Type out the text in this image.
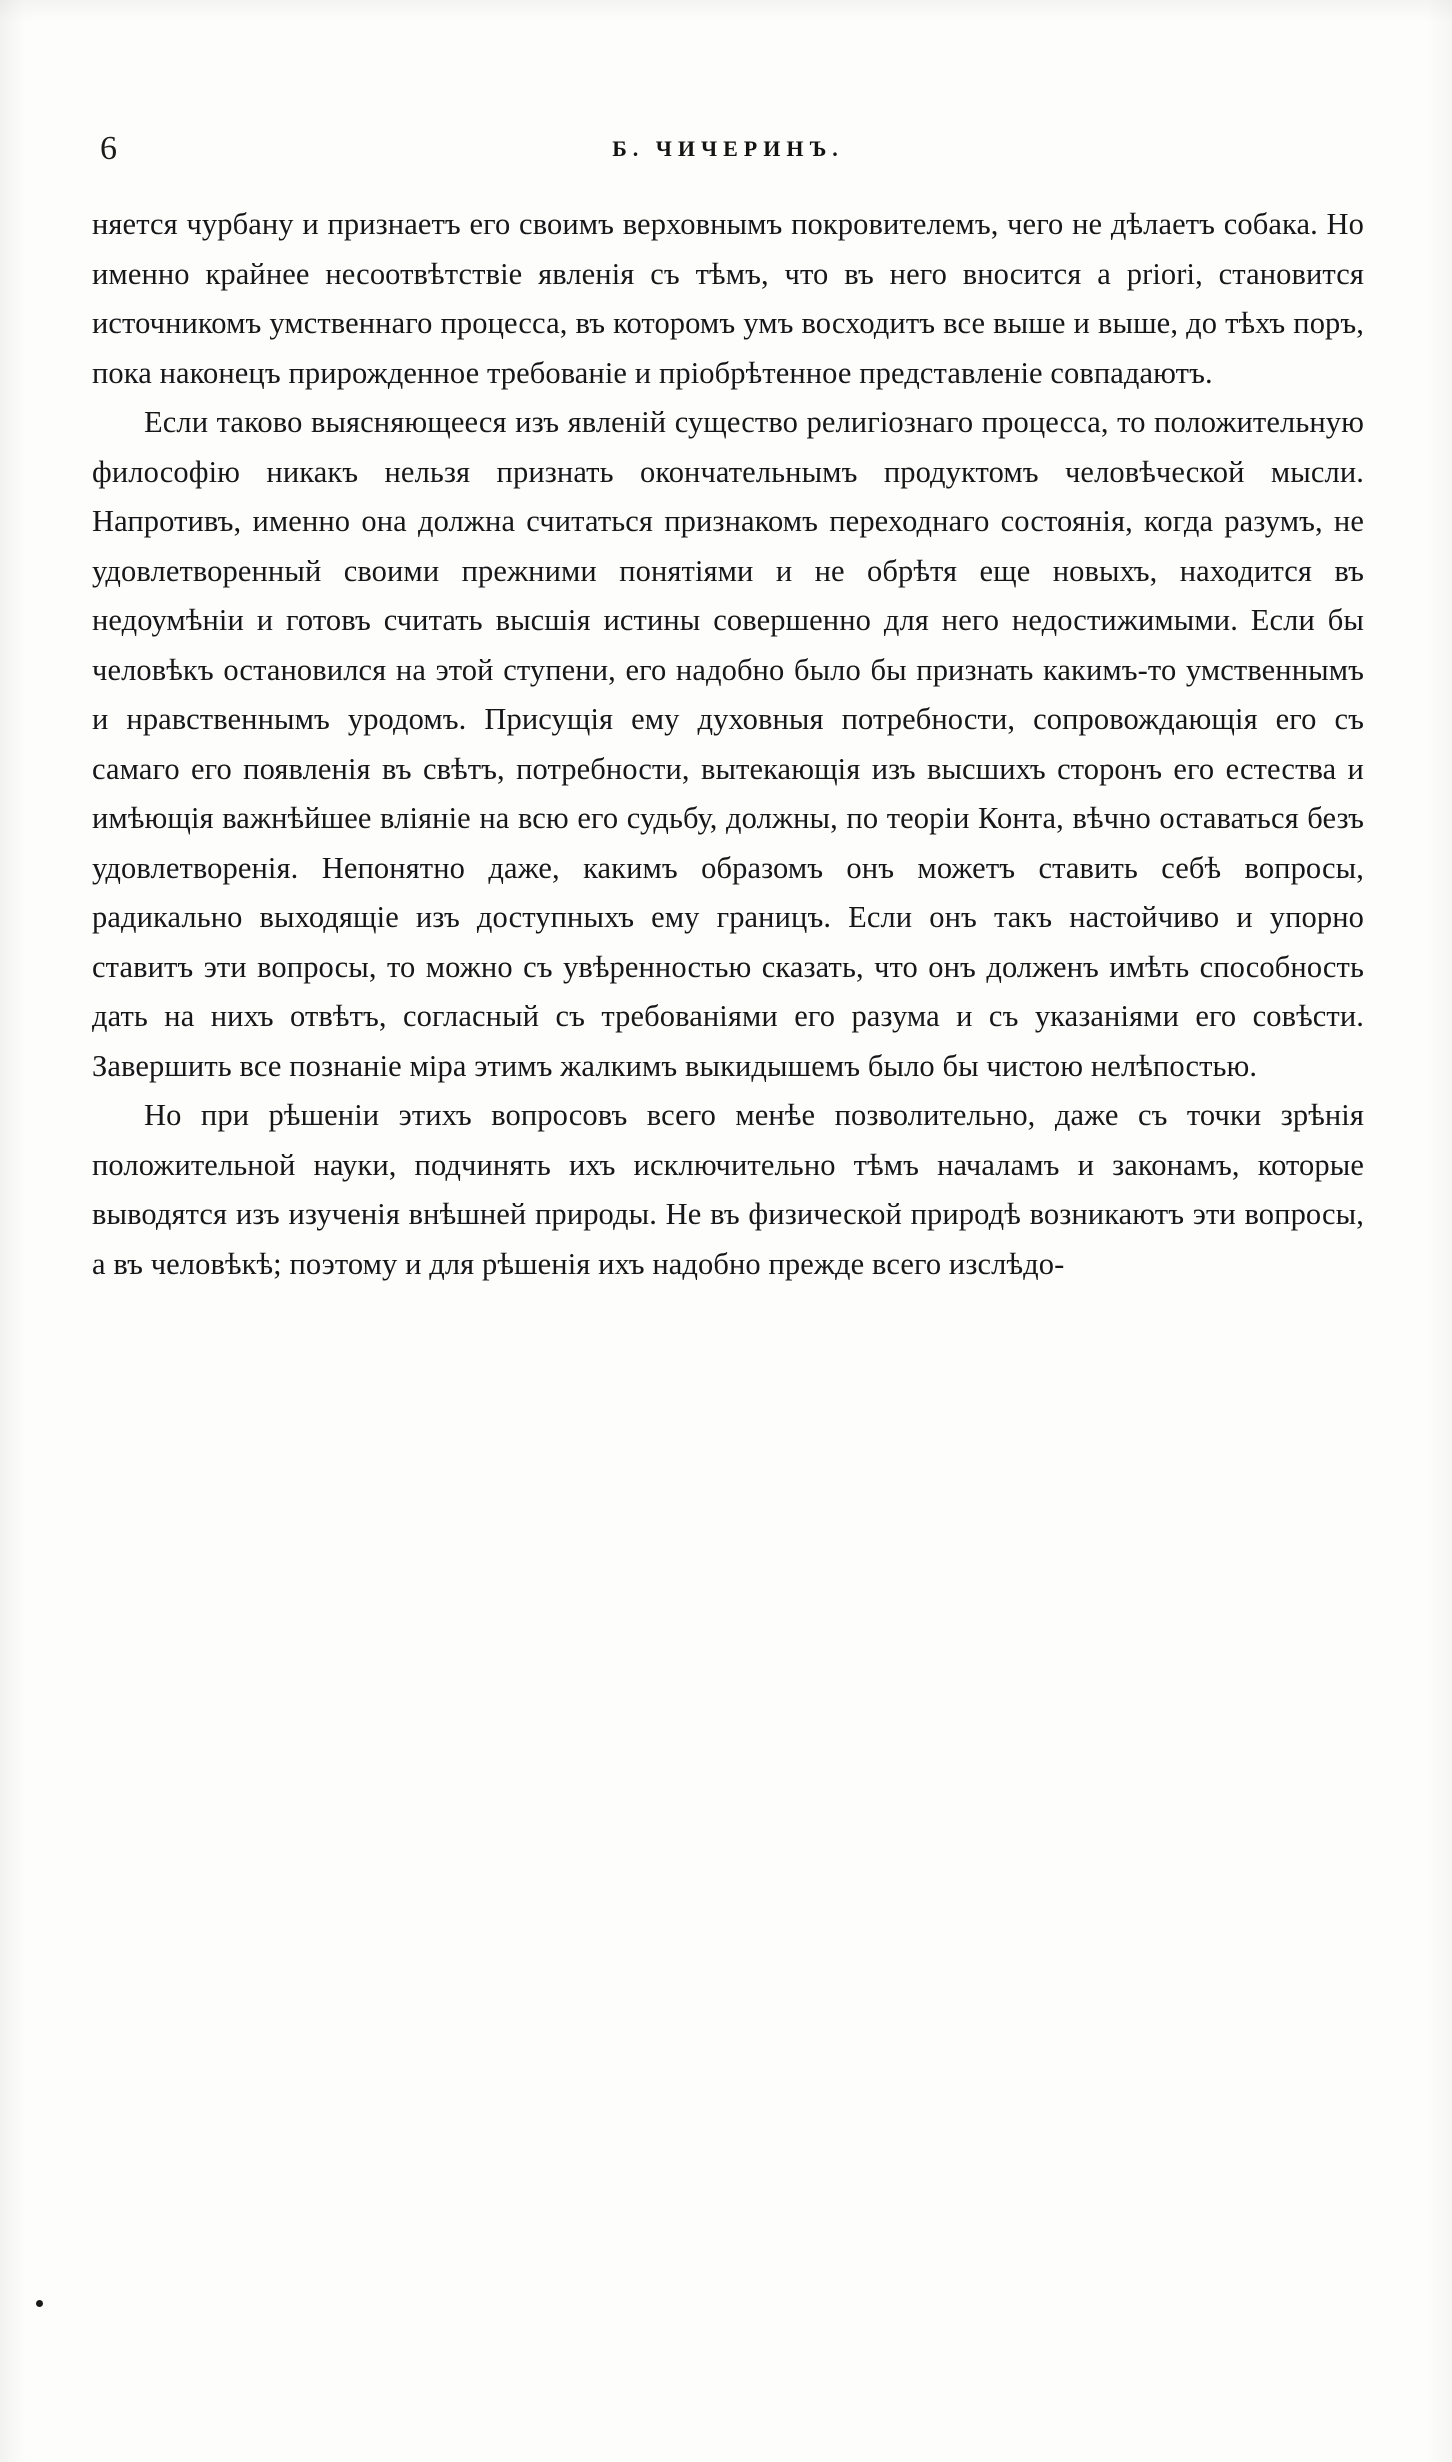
6	Б. ЧИЧЕРИНЪ.

няется чурбану и признаетъ его своимъ верховнымъ покровителемъ, чего не дѣлаетъ собака. Но именно крайнее несоотвѣтствіе явленія съ тѣмъ, что въ него вносится a priori, становится источникомъ умственнаго процесса, въ которомъ умъ восходитъ все выше и выше, до тѣхъ поръ, пока наконецъ прирожденное требованіе и пріобрѣтенное представленіе совпадаютъ.

Если таково выясняющееся изъ явленій существо религіознаго процесса, то положительную философію никакъ нельзя признать окончательнымъ продуктомъ человѣческой мысли. Напротивъ, именно она должна считаться признакомъ переходнаго состоянія, когда разумъ, не удовлетворенный своими прежними понятіями и не обрѣтя еще новыхъ, находится въ недоумѣніи и готовъ считать высшія истины совершенно для него недостижимыми. Если бы человѣкъ остановился на этой ступени, его надобно было бы признать какимъ-то умственнымъ и нравственнымъ уродомъ. Присущія ему духовныя потребности, сопровождающія его съ самаго его появленія въ свѣтъ, потребности, вытекающія изъ высшихъ сторонъ его естества и имѣющія важнѣйшее вліяніе на всю его судьбу, должны, по теоріи Конта, вѣчно оставаться безъ удовлетворенія. Непонятно даже, какимъ образомъ онъ можетъ ставить себѣ вопросы, радикально выходящіе изъ доступныхъ ему границъ. Если онъ такъ настойчиво и упорно ставитъ эти вопросы, то можно съ увѣренностью сказать, что онъ долженъ имѣть способность дать на нихъ отвѣтъ, согласный съ требованіями его разума и съ указаніями его совѣсти. Завершить все познаніе міра этимъ жалкимъ выкидышемъ было бы чистою нелѣпостью.

Но при рѣшеніи этихъ вопросовъ всего менѣе позволительно, даже съ точки зрѣнія положительной науки, подчинять ихъ исключительно тѣмъ началамъ и законамъ, которые выводятся изъ изученія внѣшней природы. Не въ физической природѣ возникаютъ эти вопросы, а въ человѣкѣ; поэтому и для рѣшенія ихъ надобно прежде всего изслѣдо-
